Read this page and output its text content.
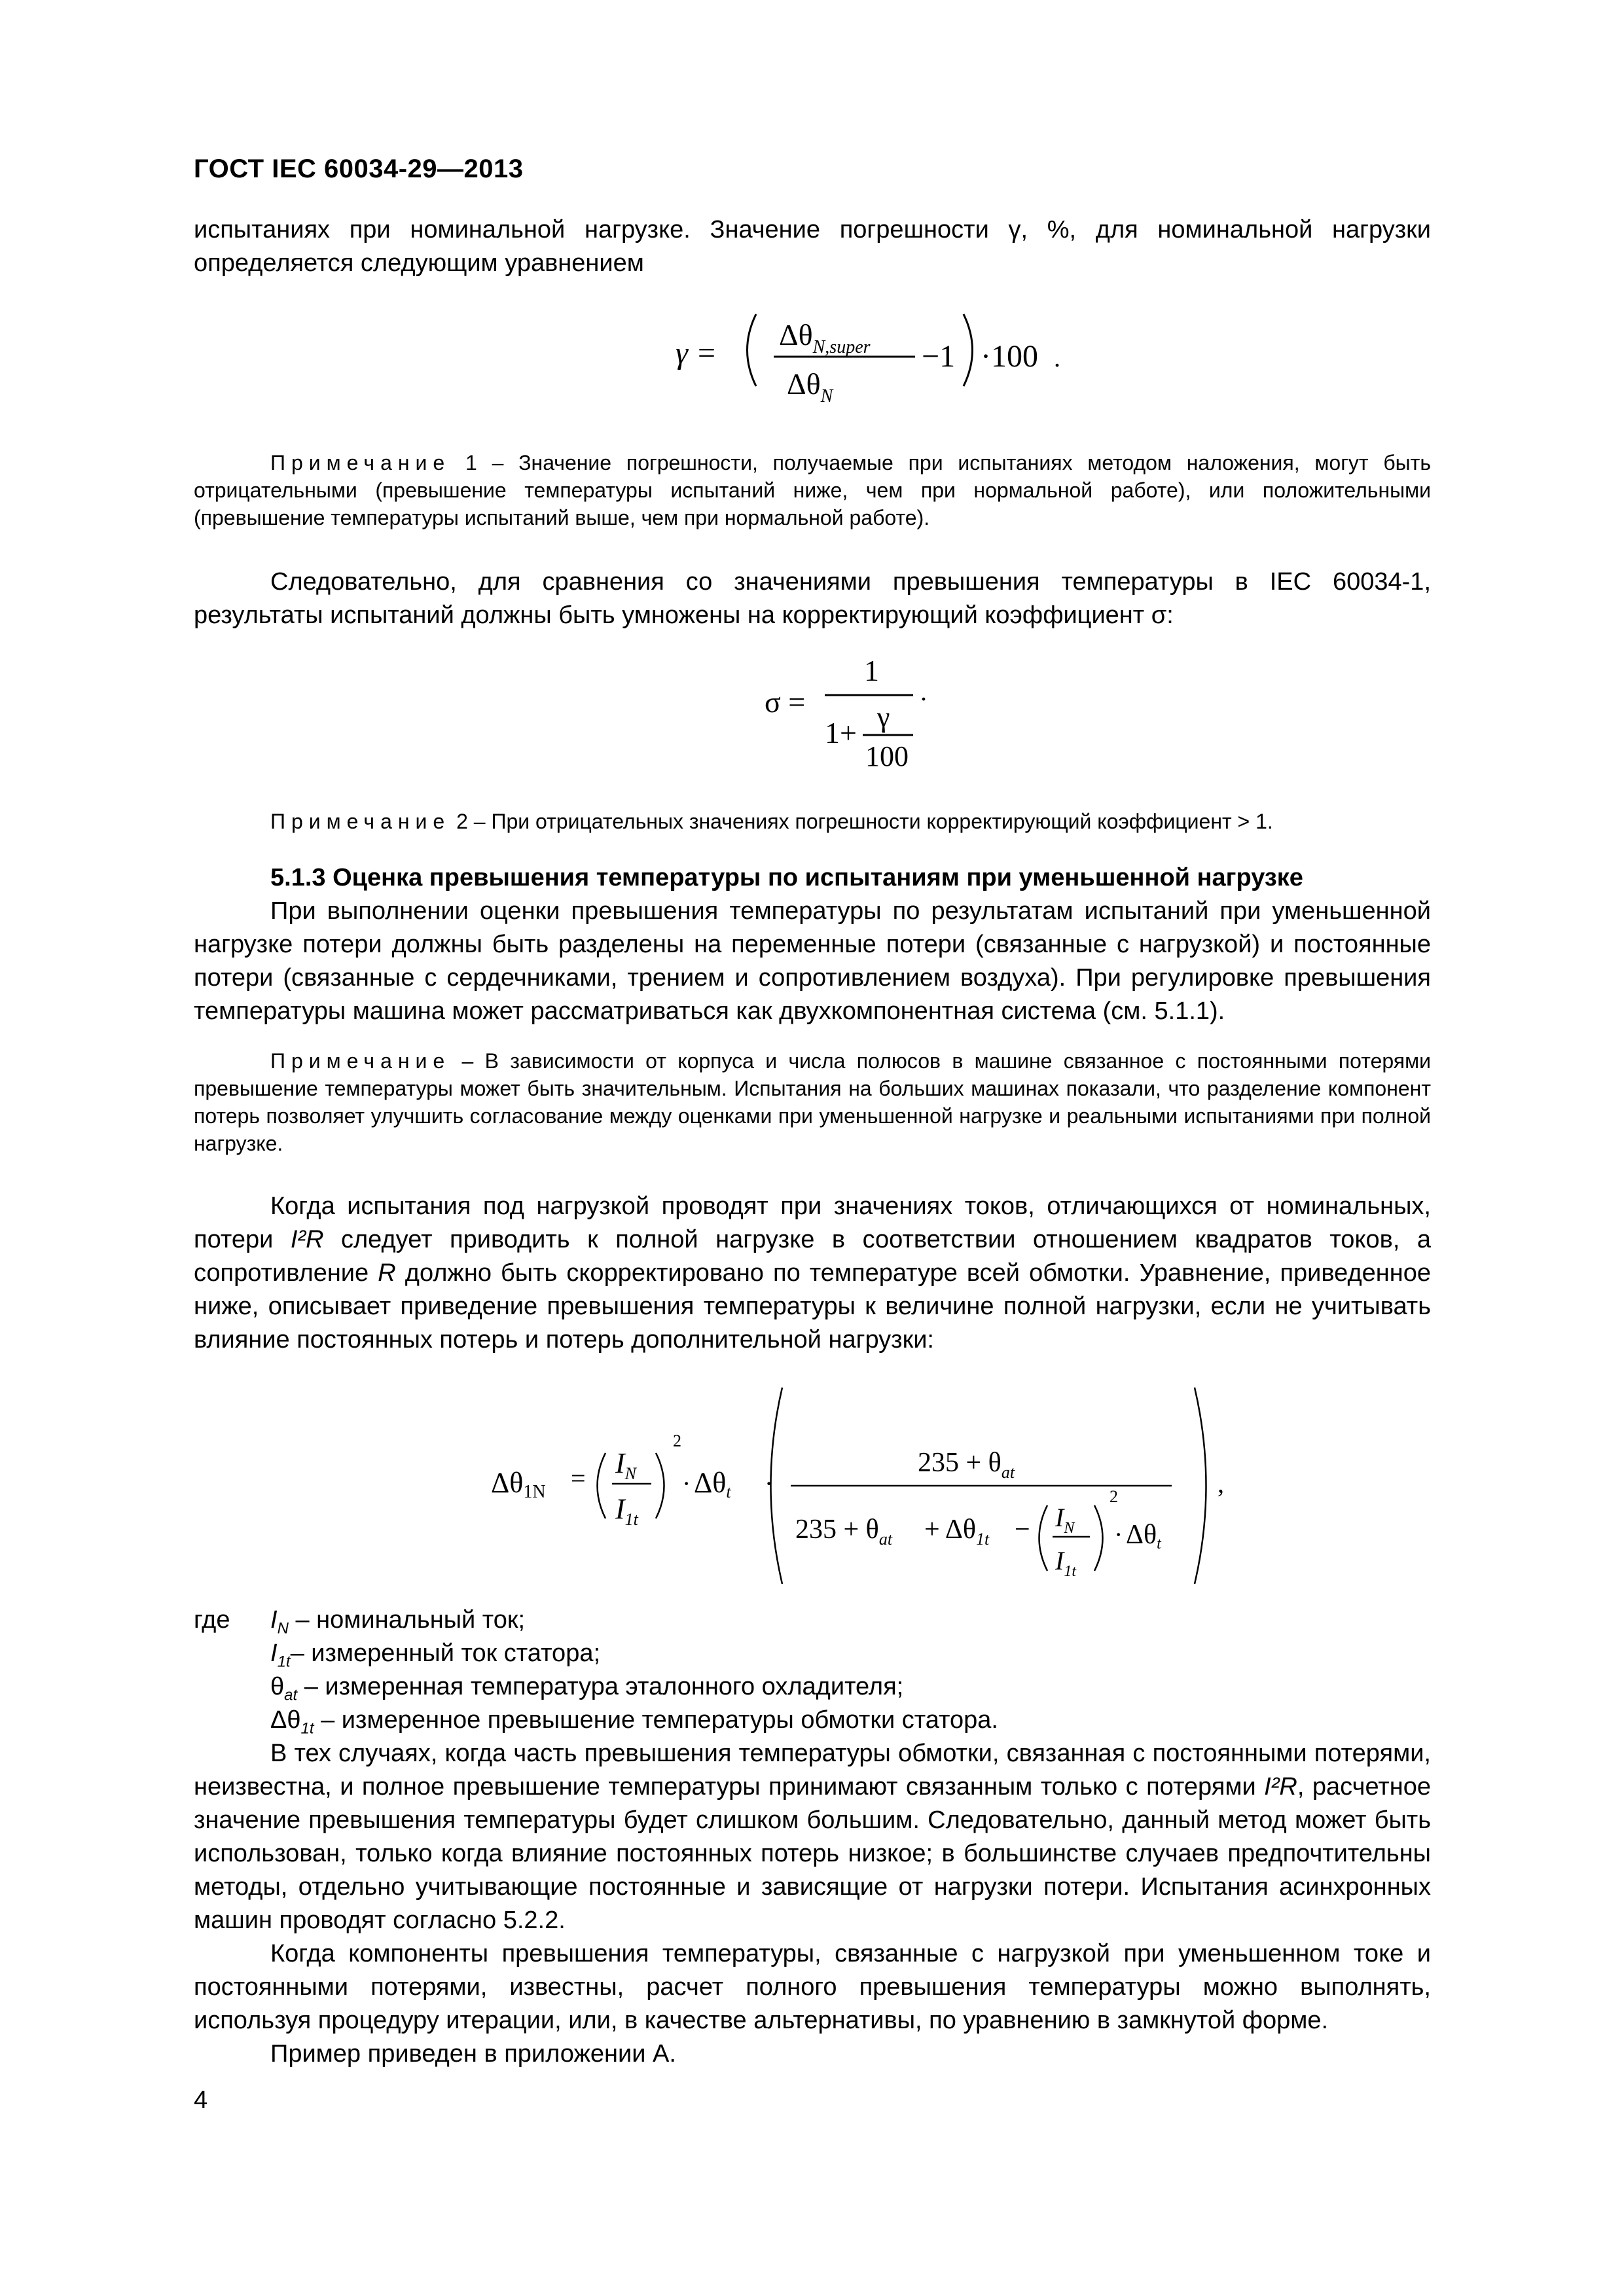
ГОСТ IEC 60034-29—2013

испытаниях при номинальной нагрузке. Значение погрешности γ, %, для номинальной нагрузки определяется следующим уравнением

γ =
$\Delta\theta_{N,super}$
$\Delta\theta_N$
−1 ·100 .

Примечание 1 – Значение погрешности, получаемые при испытаниях методом наложения, могут быть отрицательными (превышение температуры испытаний ниже, чем при нормальной работе), или положительными (превышение температуры испытаний выше, чем при нормальной работе).

Следовательно, для сравнения со значениями превышения температуры в IEC 60034-1, результаты испытаний должны быть умножены на корректирующий коэффициент σ:

σ =
1
1+ γ
100
.

Примечание 2 – При отрицательных значениях погрешности корректирующий коэффициент > 1.

5.1.3 Оценка превышения температуры по испытаниям при уменьшенной нагрузке

При выполнении оценки превышения температуры по результатам испытаний при уменьшенной нагрузке потери должны быть разделены на переменные потери (связанные с нагрузкой) и постоянные потери (связанные с сердечниками, трением и сопротивлением воздуха). При регулировке превышения температуры машина может рассматриваться как двухкомпонентная система (см. 5.1.1).

Примечание – В зависимости от корпуса и числа полюсов в машине связанное с постоянными потерями превышение температуры может быть значительным. Испытания на больших машинах показали, что разделение компонент потерь позволяет улучшить согласование между оценками при уменьшенной нагрузке и реальными испытаниями при полной нагрузке.

Когда испытания под нагрузкой проводят при значениях токов, отличающихся от номинальных, потери I²R следует приводить к полной нагрузке в соответствии отношением квадратов токов, а сопротивление R должно быть скорректировано по температуре всей обмотки. Уравнение, приведенное ниже, описывает приведение превышения температуры к величине полной нагрузки, если не учитывать влияние постоянных потерь и потерь дополнительной нагрузки:

$\Delta\theta 1N = I_N$
$I_{1t}$
2
· Δθt ·
$235 + \theta_{at}$
$235 + \theta_{at} + \Delta\theta_{1t} - I_N$
$I_{1t}$
2
· Δθt
,
где $I_N$ – номинальный ток;
$I_{1t}-$ измеренный ток статора;
$\theta_{at}$ – измеренная температура эталонного охладителя;
$\Delta\theta_{1t}$ – измеренное превышение температуры обмотки статора.

В тех случаях, когда часть превышения температуры обмотки, связанная с постоянными потерями, неизвестна, и полное превышение температуры принимают связанным только с потерями I²R, расчетное значение превышения температуры будет слишком большим. Следовательно, данный метод может быть использован, только когда влияние постоянных потерь низкое; в большинстве случаев предпочтительны методы, отдельно учитывающие постоянные и зависящие от нагрузки потери. Испытания асинхронных машин проводят согласно 5.2.2.

Когда компоненты превышения температуры, связанные с нагрузкой при уменьшенном токе и постоянными потерями, известны, расчет полного превышения температуры можно выполнять, используя процедуру итерации, или, в качестве альтернативы, по уравнению в замкнутой форме.

Пример приведен в приложении А.

4
